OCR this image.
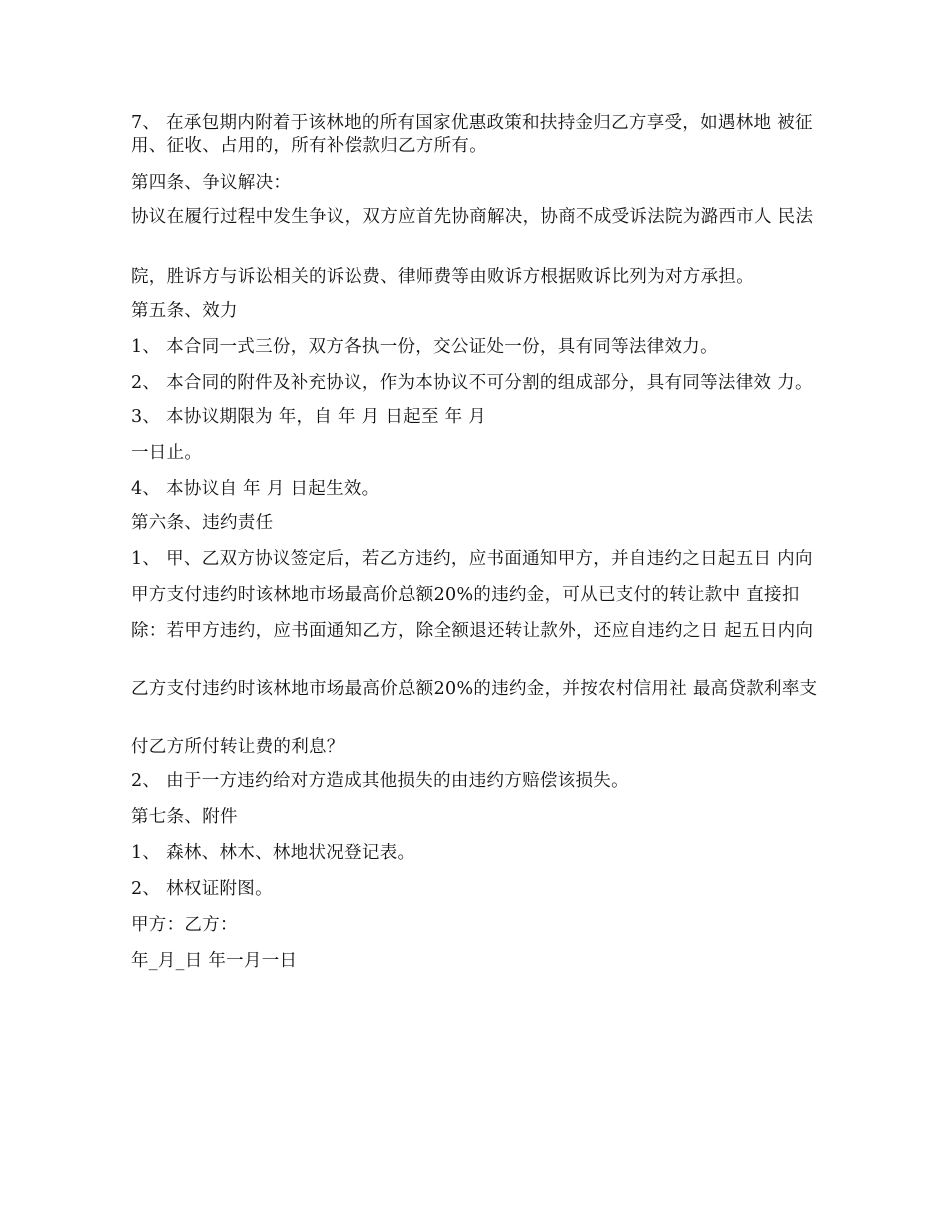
7、 在承包期内附着于该林地的所有国家优惠政策和扶持金归乙方享受，如遇林地 被征用、征收、占用的，所有补偿款归乙方所有。
第四条、争议解决：
协议在履行过程中发生争议，双方应首先协商解决，协商不成受诉法院为潞西市人 民法
院，胜诉方与诉讼相关的诉讼费、律师费等由败诉方根据败诉比列为对方承担。
第五条、效力
1、 本合同一式三份，双方各执一份，交公证处一份，具有同等法律效力。
2、 本合同的附件及补充协议，作为本协议不可分割的组成部分，具有同等法律效 力。
3、 本协议期限为 年，自 年 月 日起至 年 月
一日止。
4、 本协议自 年 月 日起生效。
第六条、违约责任
1、 甲、乙双方协议签定后，若乙方违约，应书面通知甲方，并自违约之日起五日 内向
甲方支付违约时该林地市场最高价总额20%的违约金，可从已支付的转让款中 直接扣
除：若甲方违约，应书面通知乙方，除全额退还转让款外，还应自违约之日 起五日内向
乙方支付违约时该林地市场最高价总额20%的违约金，并按农村信用社 最高贷款利率支
付乙方所付转让费的利息？
2、 由于一方违约给对方造成其他损失的由违约方赔偿该损失。
第七条、附件
1、 森林、林木、林地状况登记表。
2、 林权证附图。
甲方：乙方：
年_月_日 年一月一日
